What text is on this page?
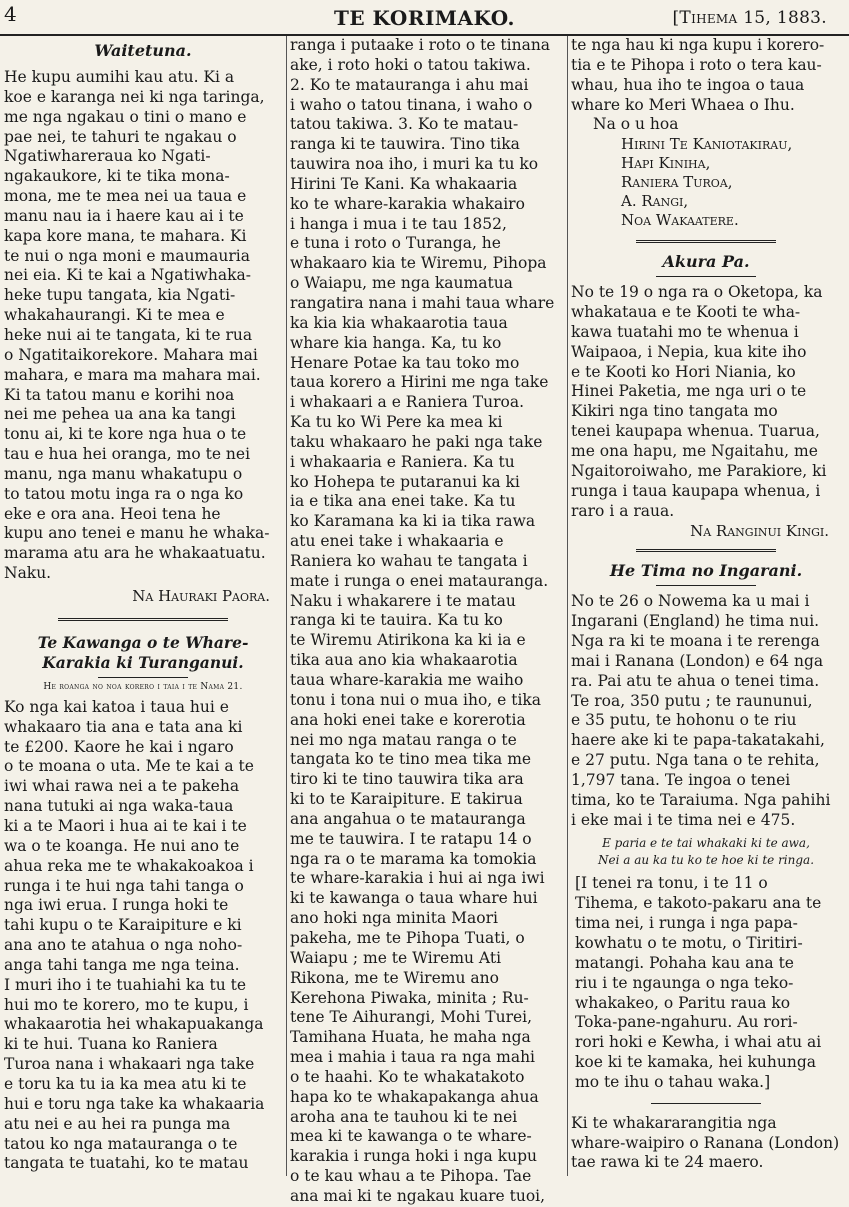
4	TE KORIMAKO.	[Tihema 15, 1883.

Waitetuna.

He kupu aumihi kau atu. Ki a
koe e karanga nei ki nga taringa,
me nga ngakau o tini o mano e
pae nei, te tahuri te ngakau o
Ngatiwhareraua ko Ngati-
ngakaukore, ki te tika mona-
mona, me te mea nei ua taua e
manu nau ia i haere kau ai i te
kapa kore mana, te mahara. Ki
te nui o nga moni e maumauria
nei eia. Ki te kai a Ngatiwhaka-
heke tupu tangata, kia Ngati-
whakahaurangi. Ki te mea e
heke nui ai te tangata, ki te rua
o Ngatitaikorekore. Mahara mai
mahara, e mara ma mahara mai.
Ki ta tatou manu e korihi noa
nei me pehea ua ana ka tangi
tonu ai, ki te kore nga hua o te
tau e hua hei oranga, mo te nei
manu, nga manu whakatupu o
to tatou motu inga ra o nga ko
eke e ora ana. Heoi tena he
kupu ano tenei e manu he whaka-
marama atu ara he whakaatuatu.
Naku.

Na Hauraki Paora.

Te Kawanga o te Whare-

Karakia ki Turanganui.

He roanga no noa korero i taia i te Nama 21.

Ko nga kai katoa i taua hui e
whakaaro tia ana e tata ana ki
te £200. Kaore he kai i ngaro
o te moana o uta. Me te kai a te
iwi whai rawa nei a te pakeha
nana tutuki ai nga waka-taua
ki a te Maori i hua ai te kai i te
wa o te koanga. He nui ano te
ahua reka me te whakakoakoa i
runga i te hui nga tahi tanga o
nga iwi erua. I runga hoki te
tahi kupu o te Karaipiture e ki
ana ano te atahua o nga noho-
anga tahi tanga me nga teina.
I muri iho i te tuahiahi ka tu te
hui mo te korero, mo te kupu, i
whakaarotia hei whakapuakanga
ki te hui. Tuana ko Raniera
Turoa nana i whakaari nga take
e toru ka tu ia ka mea atu ki te
hui e toru nga take ka whakaaria
atu nei e au hei ra punga ma
tatou ko nga matauranga o te
tangata te tuatahi, ko te matau
ranga i putaake i roto o te tinana
ake, i roto hoki o tatou takiwa.
2. Ko te matauranga i ahu mai
i waho o tatou tinana, i waho o
tatou takiwa. 3. Ko te matau-
ranga ki te tauwira. Tino tika
tauwira noa iho, i muri ka tu ko
Hirini Te Kani. Ka whakaaria
ko te whare-karakia whakairo
i hanga i mua i te tau 1852,
e tuna i roto o Turanga, he
whakaaro kia te Wiremu, Pihopa
o Waiapu, me nga kaumatua
rangatira nana i mahi taua whare
ka kia kia whakaarotia taua
whare kia hanga. Ka, tu ko
Henare Potae ka tau toko mo
taua korero a Hirini me nga take
i whakaari a e Raniera Turoa.
Ka tu ko Wi Pere ka mea ki
taku whakaaro he paki nga take
i whakaaria e Raniera. Ka tu
ko Hohepa te putaranui ka ki
ia e tika ana enei take. Ka tu
ko Karamana ka ki ia tika rawa
atu enei take i whakaaria e
Raniera ko wahau te tangata i
mate i runga o enei matauranga.
Naku i whakarere i te matau
ranga ki te tauira. Ka tu ko
te Wiremu Atirikona ka ki ia e
tika aua ano kia whakaarotia
taua whare-karakia me waiho
tonu i tona nui o mua iho, e tika
ana hoki enei take e korerotia
nei mo nga matau ranga o te
tangata ko te tino mea tika me
tiro ki te tino tauwira tika ara
ki to te Karaipiture. E takirua
ana angahua o te matauranga
me te tauwira. I te ratapu 14 o
nga ra o te marama ka tomokia
te whare-karakia i hui ai nga iwi
ki te kawanga o taua whare hui
ano hoki nga minita Maori
pakeha, me te Pihopa Tuati, o
Waiapu ; me te Wiremu Ati
Rikona, me te Wiremu ano
Kerehona Piwaka, minita ; Ru-
tene Te Aihurangi, Mohi Turei,
Tamihana Huata, he maha nga
mea i mahia i taua ra nga mahi
o te haahi. Ko te whakatakoto
hapa ko te whakapakanga ahua
aroha ana te tauhou ki te nei
mea ki te kawanga o te whare-
karakia i runga hoki i nga kupu
o te kau whau a te Pihopa. Tae
ana mai ki te ngakau kuare tuoi,
te nga hau ki nga kupu i korero-
tia e te Pihopa i roto o tera kau-
whau, hua iho te ingoa o taua
whare ko Meri Whaea o Ihu.

Na o u hoa

Hirini Te Kaniotakirau,
Hapi Kiniha,
Raniera Turoa,
A. Rangi,
Noa Wakaatere.

Akura Pa.

No te 19 o nga ra o Oketopa, ka
whakataua e te Kooti te wha-
kawa tuatahi mo te whenua i
Waipaoa, i Nepia, kua kite iho
e te Kooti ko Hori Niania, ko
Hinei Paketia, me nga uri o te
Kikiri nga tino tangata mo
tenei kaupapa whenua. Tuarua,
me ona hapu, me Ngaitahu, me
Ngaitoroiwaho, me Parakiore, ki
runga i taua kaupapa whenua, i
raro i a raua.

Na Ranginui Kingi.

He Tima no Ingarani.

No te 26 o Nowema ka u mai i
Ingarani (England) he tima nui.
Nga ra ki te moana i te rerenga
mai i Ranana (London) e 64 nga
ra. Pai atu te ahua o tenei tima.
Te roa, 350 putu ; te raununui,
e 35 putu, te hohonu o te riu
haere ake ki te papa-takatakahi,
e 27 putu. Nga tana o te rehita,
1,797 tana. Te ingoa o tenei
tima, ko te Taraiuma. Nga pahihi
i eke mai i te tima nei e 475.

E paria e te tai whakaki ki te awa,

Nei a au ka tu ko te hoe ki te ringa.

[I tenei ra tonu, i te 11 o
Tihema, e takoto-pakaru ana te
tima nei, i runga i nga papa-
kowhatu o te motu, o Tiritiri-
matangi. Pohaha kau ana te
riu i te ngaunga o nga teko-
whakakeo, o Paritu raua ko
Toka-pane-ngahuru. Au rori-
rori hoki e Kewha, i whai atu ai
koe ki te kamaka, hei kuhunga
mo te ihu o tahau waka.]
Ki te whakararangitia nga
whare-waipiro o Ranana (London)
tae rawa ki te 24 maero.
